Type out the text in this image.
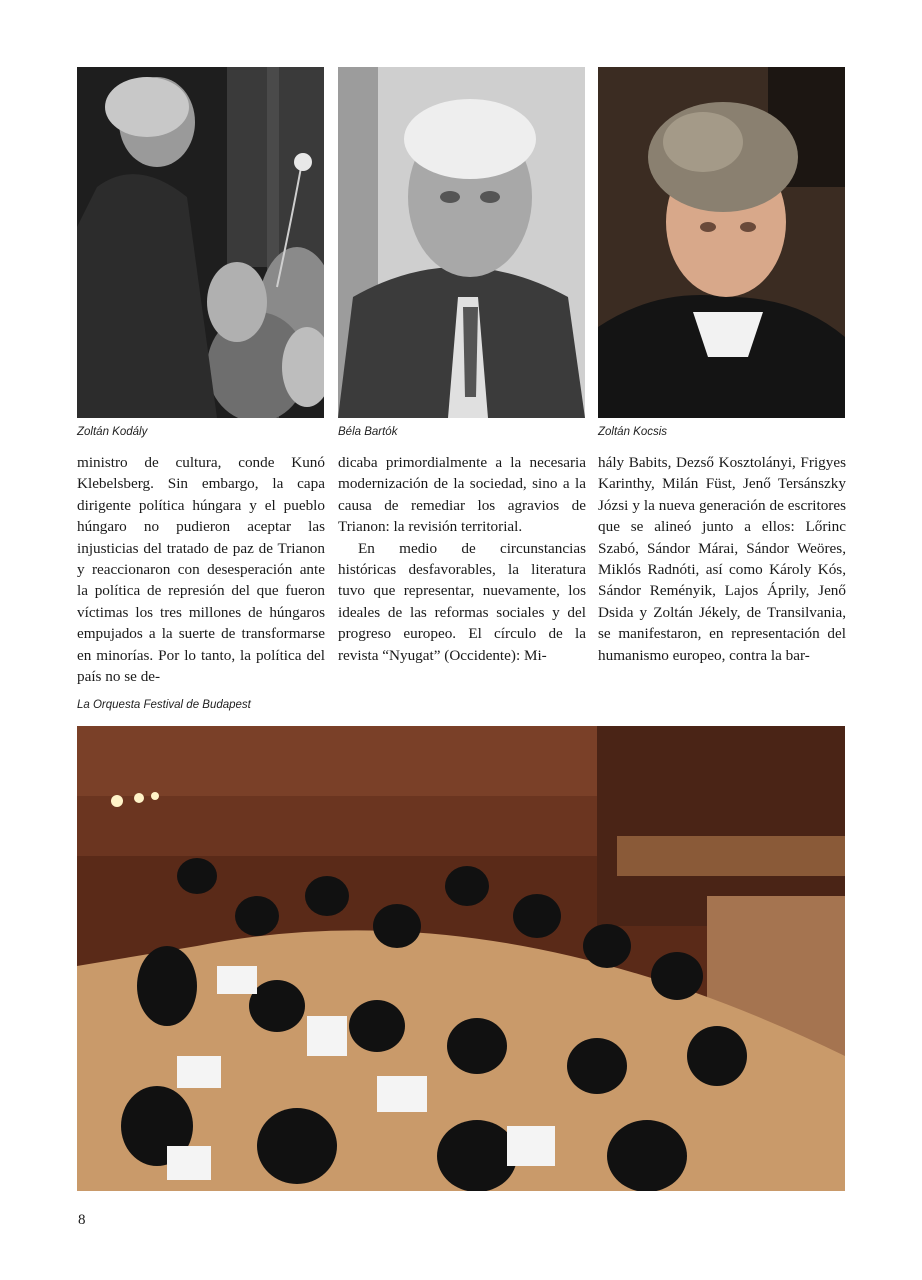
Zoltán Kodály	Béla Bartók	Zoltán Kocsis

ministro de cultura, conde Kunó Klebelsberg. Sin embargo, la capa dirigente política húngara y el pueblo húngaro no pudieron aceptar las injusticias del tratado de paz de Trianon y reaccionaron con desesperación ante la política de represión del que fueron víctimas los tres millones de húngaros empujados a la suerte de transformarse en minorías. Por lo tanto, la política del país no se de-

dicaba primordialmente a la necesaria modernización de la sociedad, sino a la causa de remediar los agravios de Trianon: la revisión territorial.

En medio de circunstancias históricas desfavorables, la literatura tuvo que representar, nuevamente, los ideales de las reformas sociales y del progreso europeo. El círculo de la revista “Nyugat” (Occidente): Mi-

hály Babits, Dezső Kosztolányi, Frigyes Karinthy, Milán Füst, Jenő Tersánszky Józsi y la nueva generación de escritores que se alineó junto a ellos: Lőrinc Szabó, Sándor Márai, Sándor Weöres, Miklós Radnóti, así como Károly Kós, Sándor Reményik, Lajos Áprily, Jenő Dsida y Zoltán Jékely, de Transilvania, se manifestaron, en representación del humanismo europeo, contra la bar-

La Orquesta Festival de Budapest
8
